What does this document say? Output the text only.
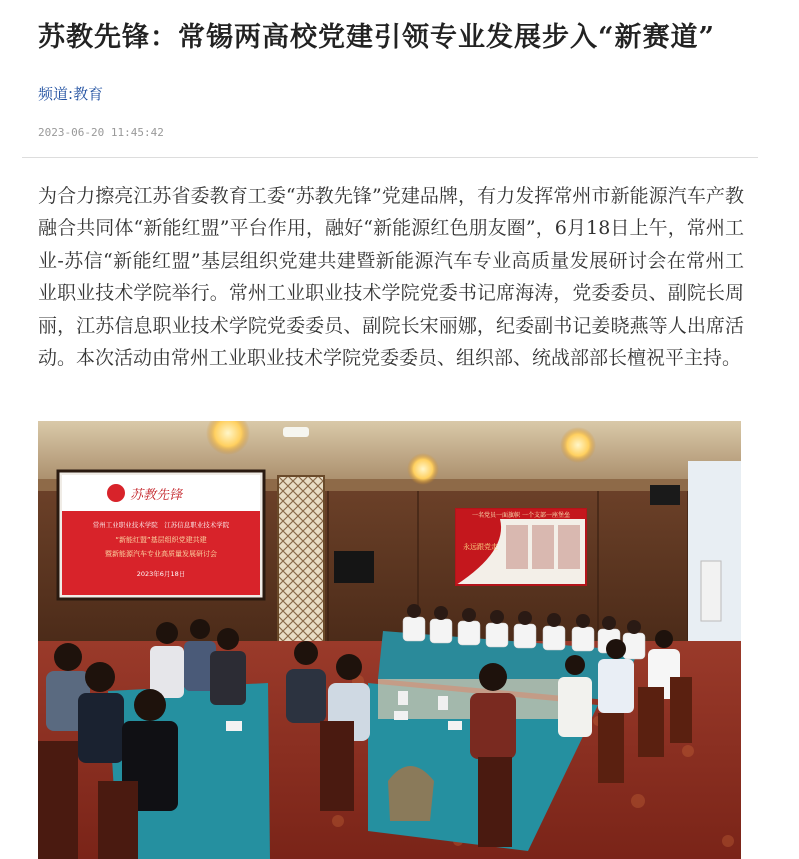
苏教先锋：常锡两高校党建引领专业发展步入“新赛道”
频道:教育
2023-06-20 11:45:42
为合力擦亮江苏省委教育工委“苏教先锋”党建品牌，有力发挥常州市新能源汽车产教融合共同体“新能红盟”平台作用，融好“新能源红色朋友圈”，6月18日上午，常州工业-苏信“新能红盟”基层组织党建共建暨新能源汽车专业高质量发展研讨会在常州工业职业技术学院举行。常州工业职业技术学院党委书记席海涛，党委委员、副院长周丽，江苏信息职业技术学院党委委员、副院长宋丽娜，纪委副书记姜晓燕等人出席活动。本次活动由常州工业职业技术学院党委委员、组织部、统战部部长檀祝平主持。
苏教先锋
常州工业职业技术学院　江苏信息职业技术学院
“新能红盟”基层组织党建共建
暨新能源汽车专业高质量发展研讨会
2023年6月18日
一名党员一面旗帜 一个支部一座堡垒
永远跟党走
